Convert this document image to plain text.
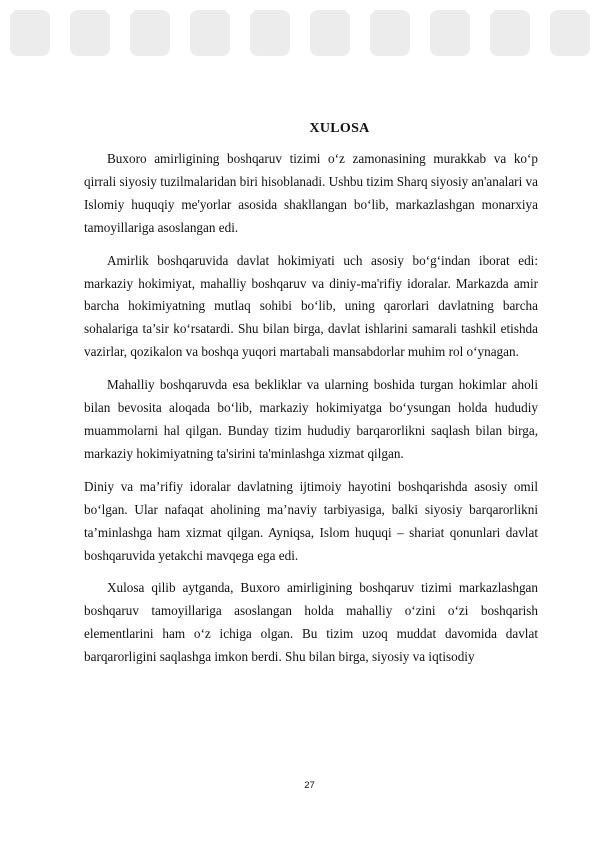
XULOSA

Buxoro amirligining boshqaruv tizimi o‘z zamonasining murakkab va ko‘p qirrali siyosiy tuzilmalaridan biri hisoblanadi. Ushbu tizim Sharq siyosiy an'analari va Islomiy huquqiy me'yorlar asosida shakllangan bo‘lib, markazlashgan monarxiya tamoyillariga asoslangan edi.

Amirlik boshqaruvida davlat hokimiyati uch asosiy bo‘g‘indan iborat edi: markaziy hokimiyat, mahalliy boshqaruv va diniy-ma'rifiy idoralar. Markazda amir barcha hokimiyatning mutlaq sohibi bo‘lib, uning qarorlari davlatning barcha sohalariga ta’sir ko‘rsatardi. Shu bilan birga, davlat ishlarini samarali tashkil etishda vazirlar, qozikalon va boshqa yuqori martabali mansabdorlar muhim rol o‘ynagan.

Mahalliy boshqaruvda esa bekliklar va ularning boshida turgan hokimlar aholi bilan bevosita aloqada bo‘lib, markaziy hokimiyatga bo‘ysungan holda hududiy muammolarni hal qilgan. Bunday tizim hududiy barqarorlikni saqlash bilan birga, markaziy hokimiyatning ta'sirini ta'minlashga xizmat qilgan.

Diniy va ma’rifiy idoralar davlatning ijtimoiy hayotini boshqarishda asosiy omil bo‘lgan. Ular nafaqat aholining ma’naviy tarbiyasiga, balki siyosiy barqarorlikni ta’minlashga ham xizmat qilgan. Ayniqsa, Islom huquqi – shariat qonunlari davlat boshqaruvida yetakchi mavqega ega edi.

Xulosa qilib aytganda, Buxoro amirligining boshqaruv tizimi markazlashgan boshqaruv tamoyillariga asoslangan holda mahalliy o‘zini o‘zi boshqarish elementlarini ham o‘z ichiga olgan. Bu tizim uzoq muddat davomida davlat barqarorligini saqlashga imkon berdi. Shu bilan birga, siyosiy va iqtisodiy

27
